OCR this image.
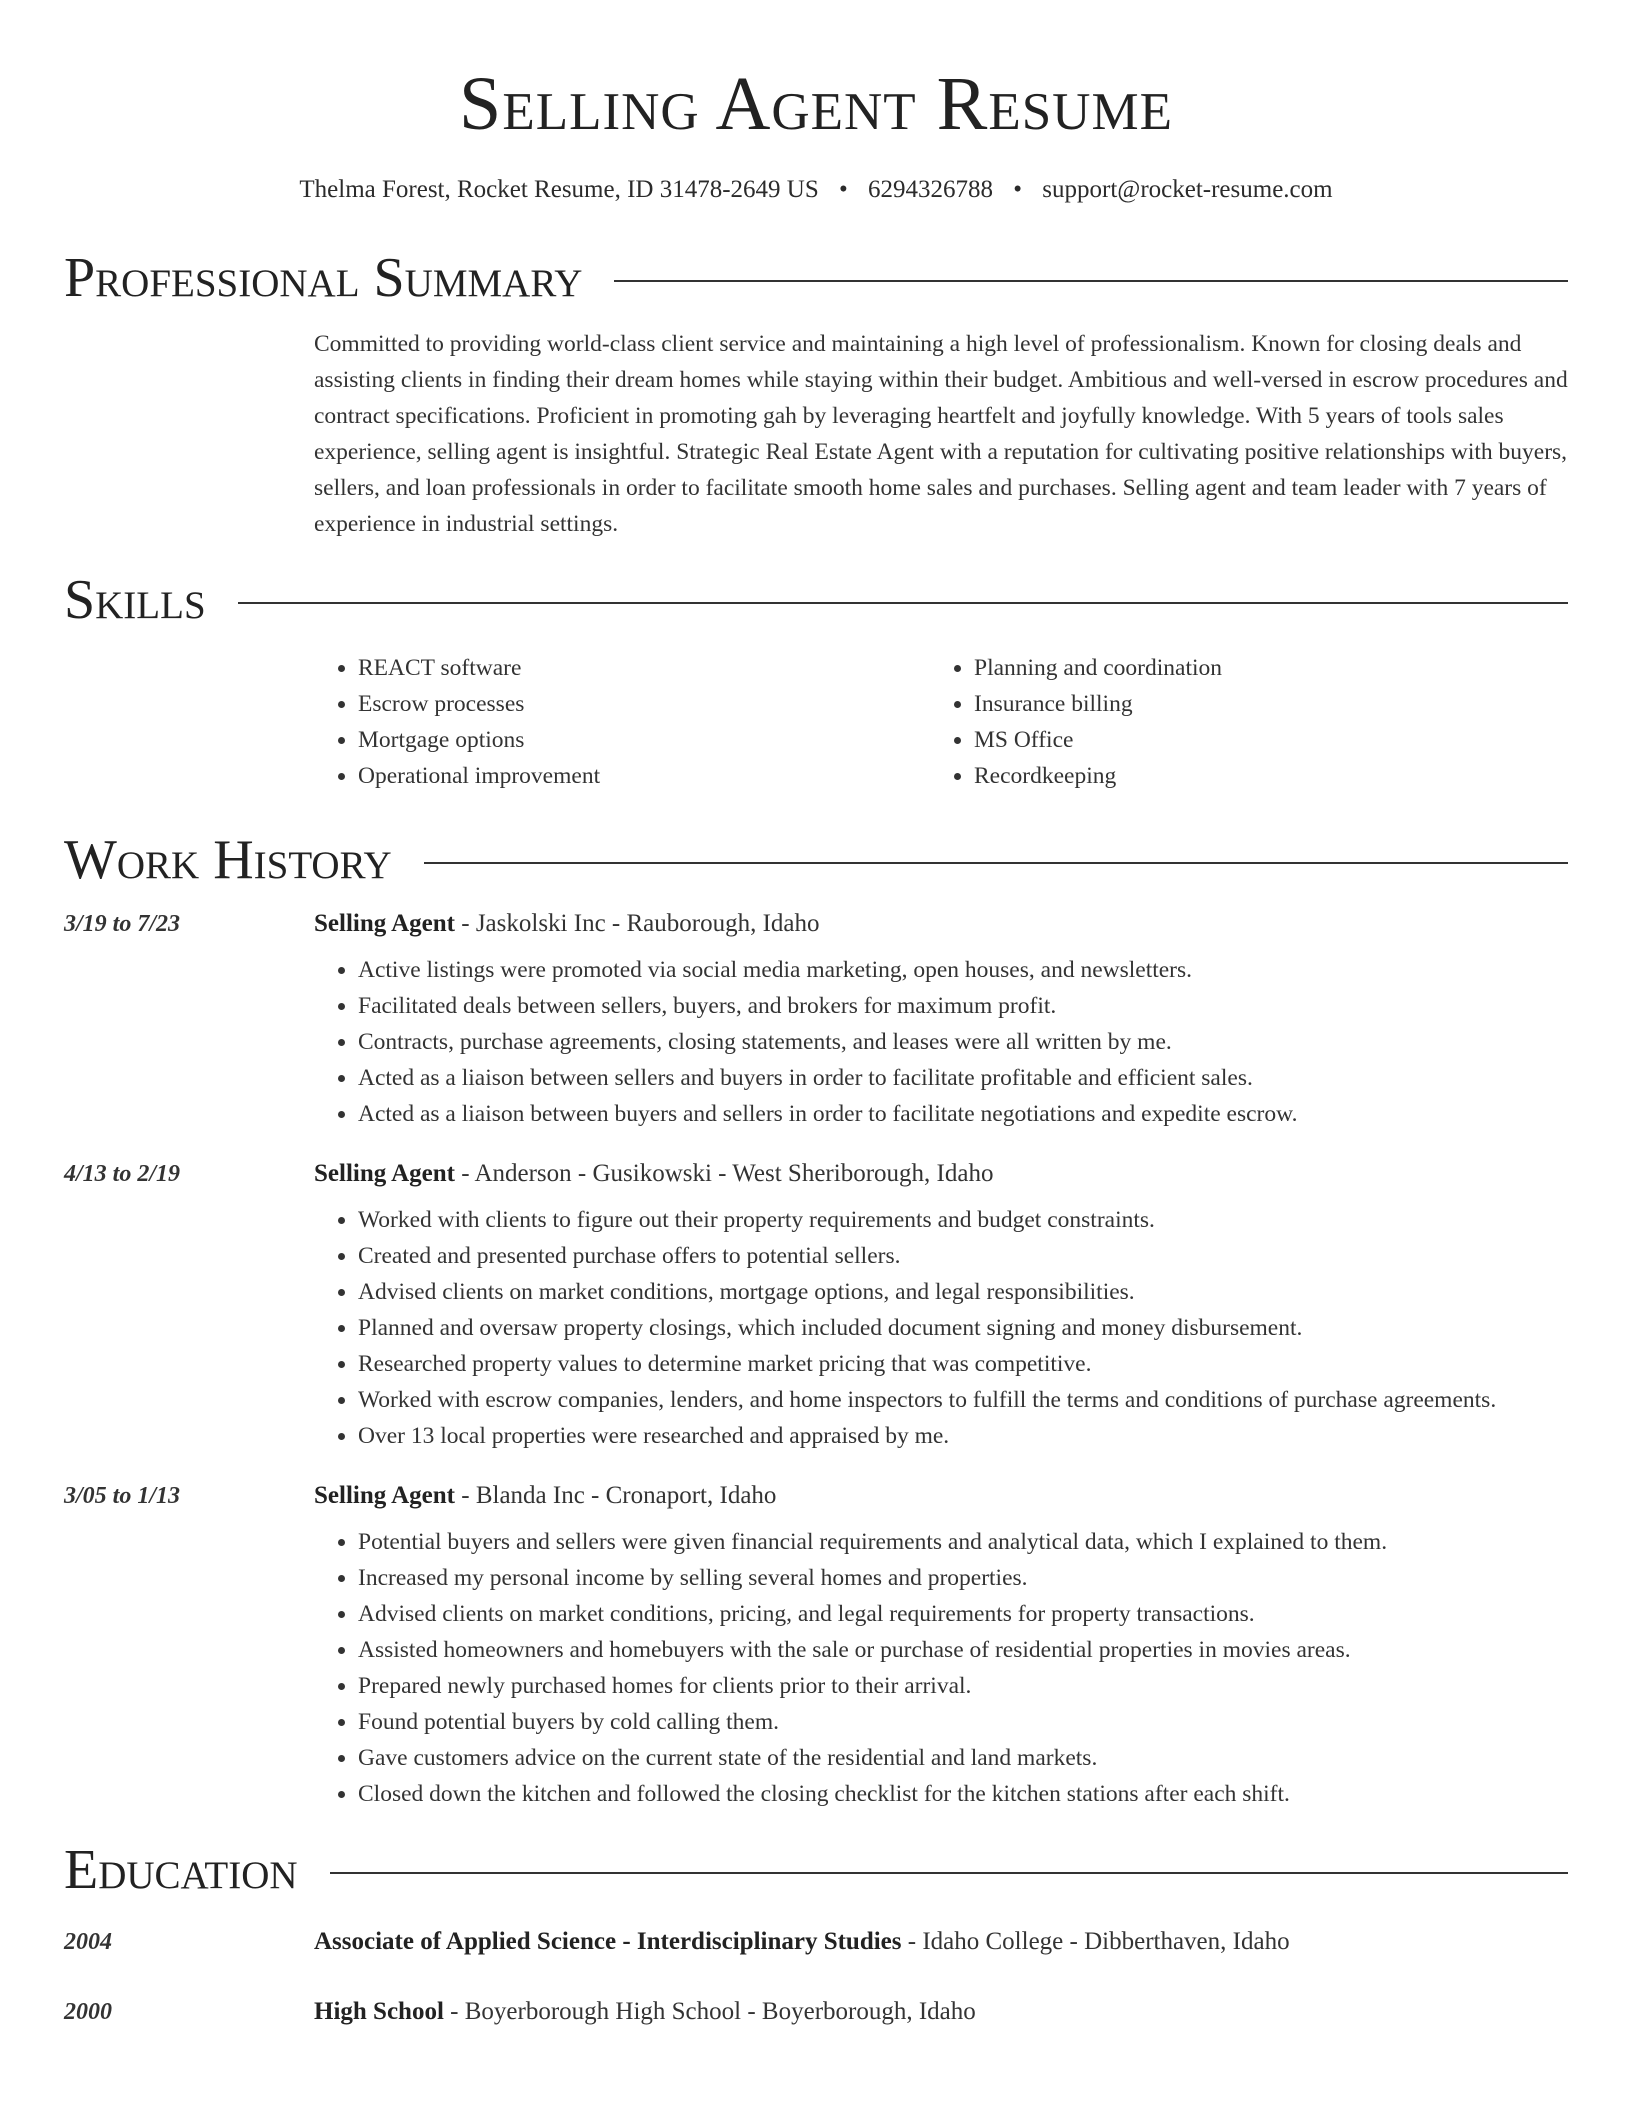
Selling Agent Resume
Thelma Forest, Rocket Resume, ID 31478-2649 US • 6294326788 • support@rocket-resume.com
Professional Summary
Committed to providing world-class client service and maintaining a high level of professionalism. Known for closing deals and assisting clients in finding their dream homes while staying within their budget. Ambitious and well-versed in escrow procedures and contract specifications. Proficient in promoting gah by leveraging heartfelt and joyfully knowledge. With 5 years of tools sales experience, selling agent is insightful. Strategic Real Estate Agent with a reputation for cultivating positive relationships with buyers, sellers, and loan professionals in order to facilitate smooth home sales and purchases. Selling agent and team leader with 7 years of experience in industrial settings.
Skills
• REACT software
• Escrow processes
• Mortgage options
• Operational improvement
• Planning and coordination
• Insurance billing
• MS Office
• Recordkeeping
Work History
3/19 to 7/23	Selling Agent - Jaskolski Inc - Rauborough, Idaho
• Active listings were promoted via social media marketing, open houses, and newsletters.
• Facilitated deals between sellers, buyers, and brokers for maximum profit.
• Contracts, purchase agreements, closing statements, and leases were all written by me.
• Acted as a liaison between sellers and buyers in order to facilitate profitable and efficient sales.
• Acted as a liaison between buyers and sellers in order to facilitate negotiations and expedite escrow.
4/13 to 2/19	Selling Agent - Anderson - Gusikowski - West Sheriborough, Idaho
• Worked with clients to figure out their property requirements and budget constraints.
• Created and presented purchase offers to potential sellers.
• Advised clients on market conditions, mortgage options, and legal responsibilities.
• Planned and oversaw property closings, which included document signing and money disbursement.
• Researched property values to determine market pricing that was competitive.
• Worked with escrow companies, lenders, and home inspectors to fulfill the terms and conditions of purchase agreements.
• Over 13 local properties were researched and appraised by me.
3/05 to 1/13	Selling Agent - Blanda Inc - Cronaport, Idaho
• Potential buyers and sellers were given financial requirements and analytical data, which I explained to them.
• Increased my personal income by selling several homes and properties.
• Advised clients on market conditions, pricing, and legal requirements for property transactions.
• Assisted homeowners and homebuyers with the sale or purchase of residential properties in movies areas.
• Prepared newly purchased homes for clients prior to their arrival.
• Found potential buyers by cold calling them.
• Gave customers advice on the current state of the residential and land markets.
• Closed down the kitchen and followed the closing checklist for the kitchen stations after each shift.
Education
2004	Associate of Applied Science - Interdisciplinary Studies - Idaho College - Dibberthaven, Idaho
2000	High School - Boyerborough High School - Boyerborough, Idaho
